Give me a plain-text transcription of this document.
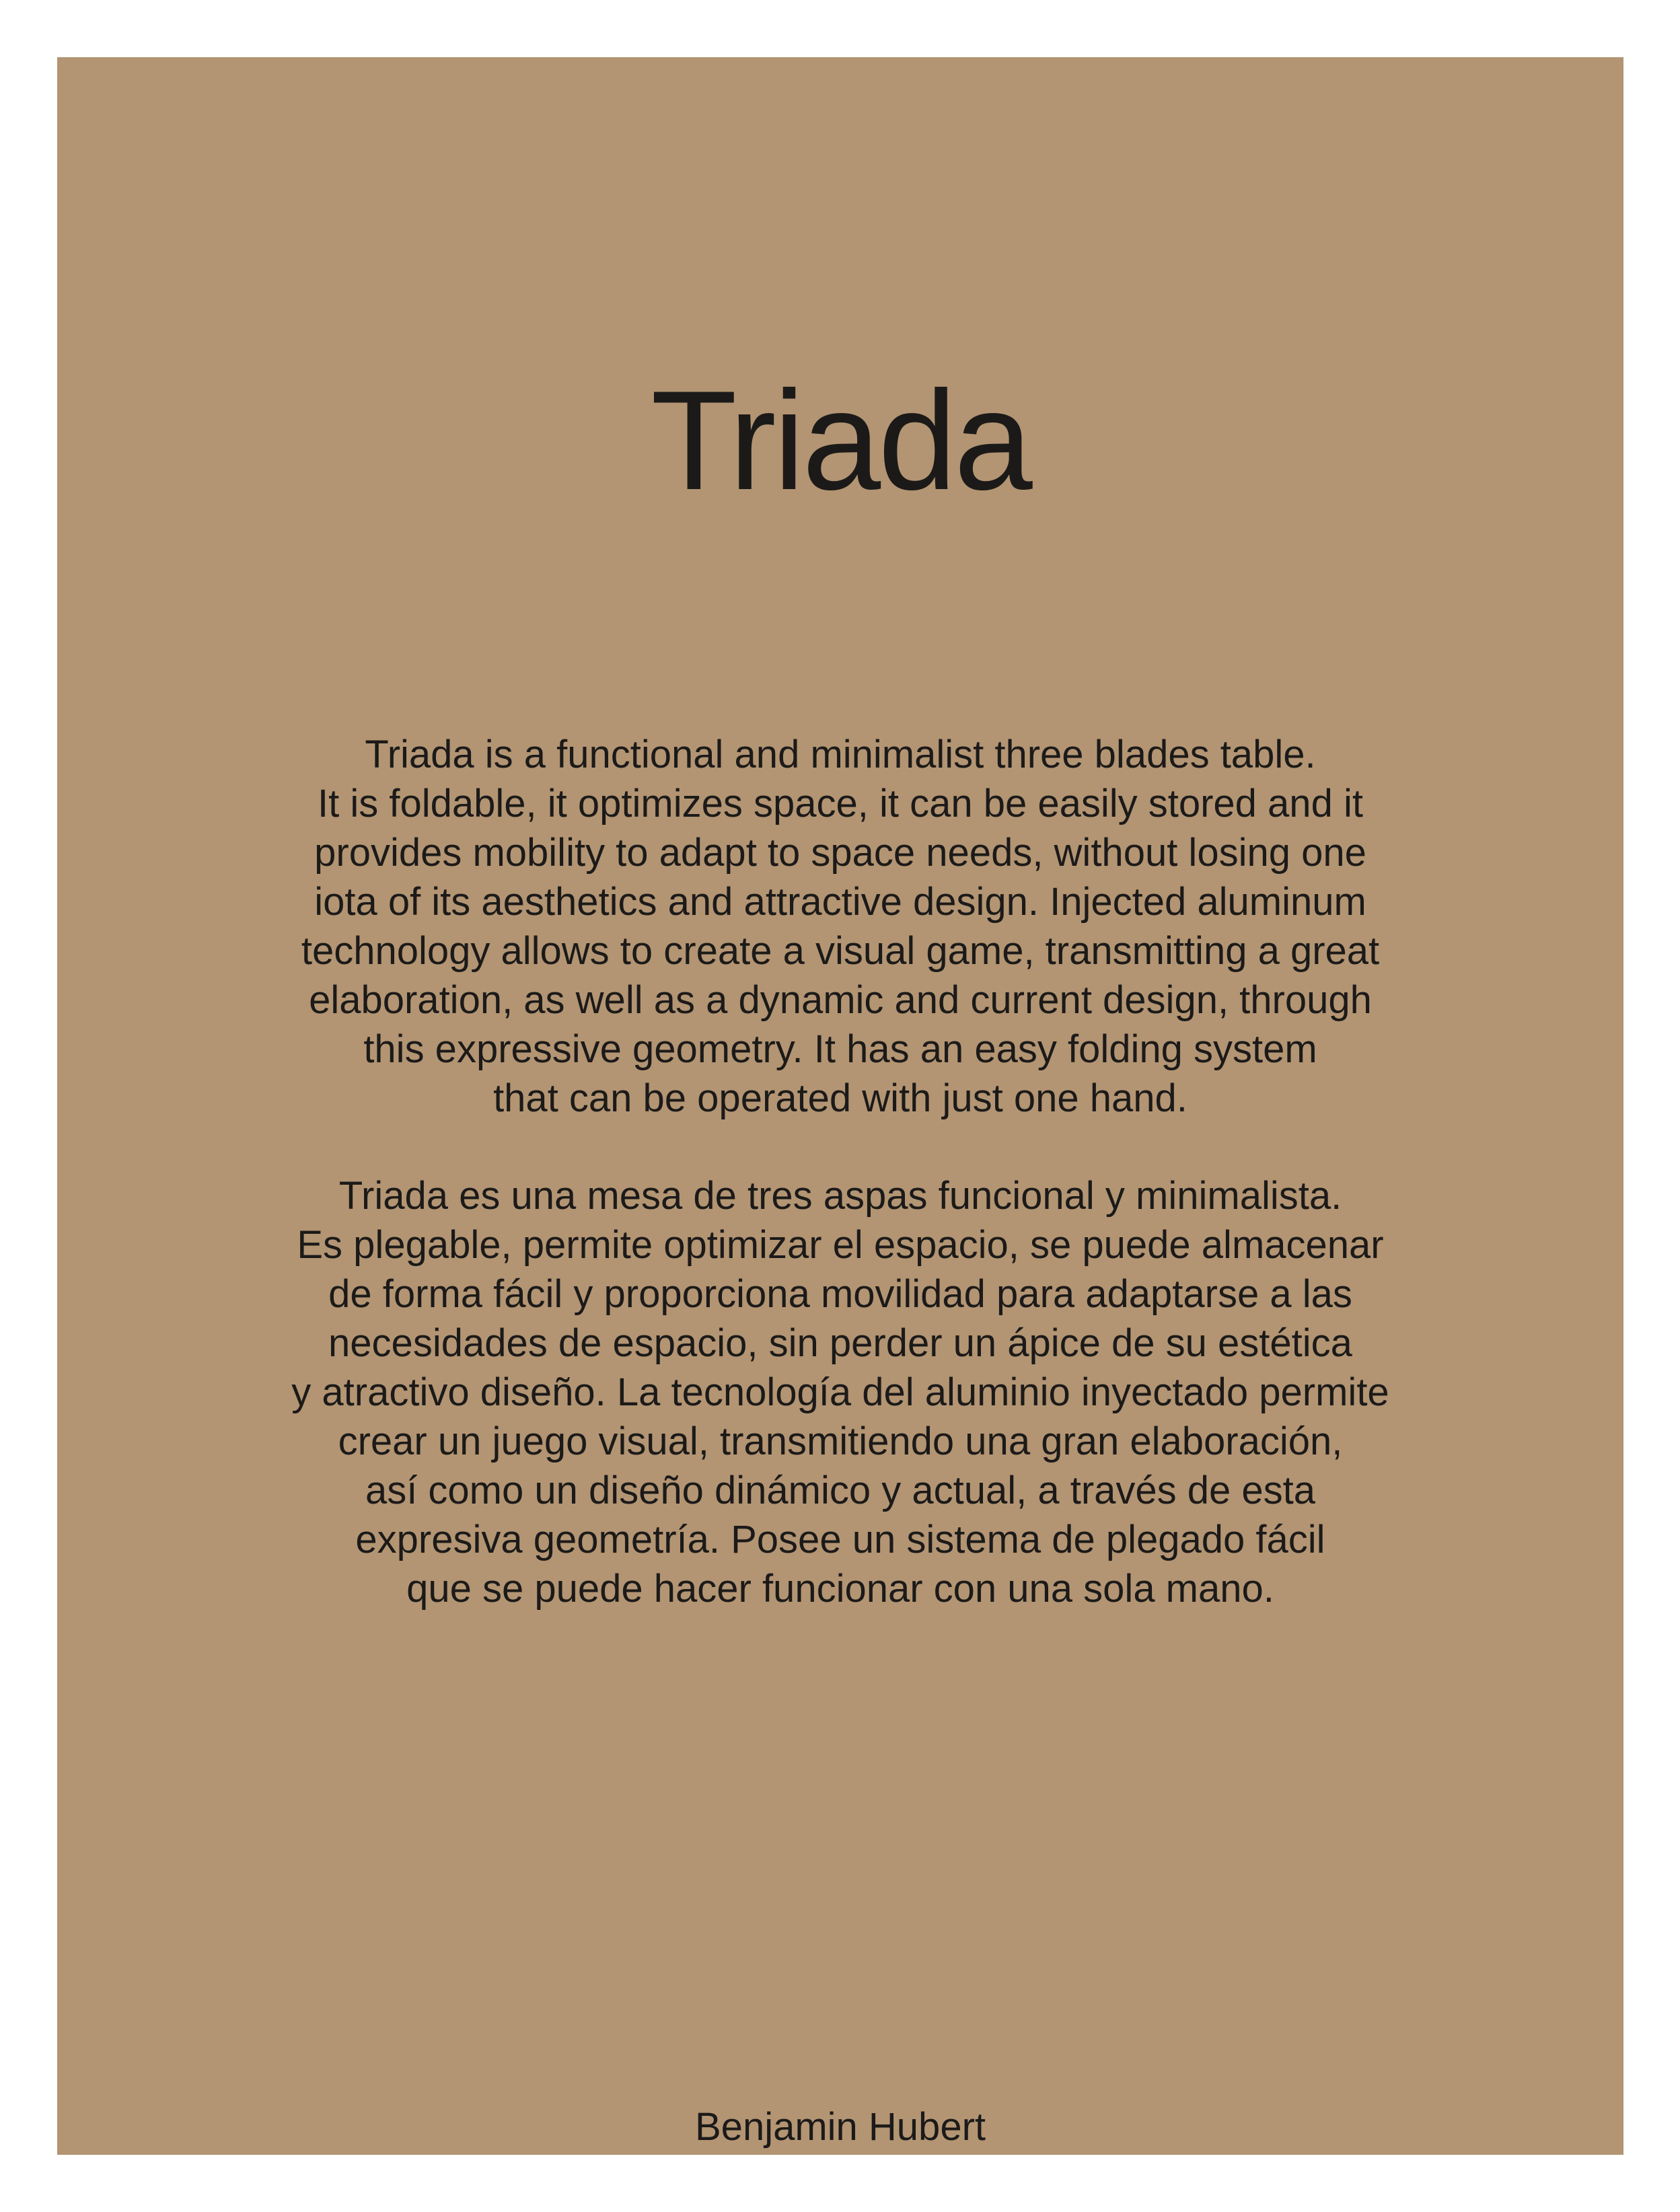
Triada

Triada is a functional and minimalist three blades table.
It is foldable, it optimizes space, it can be easily stored and it
provides mobility to adapt to space needs, without losing one
iota of its aesthetics and attractive design. Injected aluminum
technology allows to create a visual game, transmitting a great
elaboration, as well as a dynamic and current design, through
this expressive geometry. It has an easy folding system
that can be operated with just one hand.

Triada es una mesa de tres aspas funcional y minimalista.
Es plegable, permite optimizar el espacio, se puede almacenar
de forma fácil y proporciona movilidad para adaptarse a las
necesidades de espacio, sin perder un ápice de su estética
y atractivo diseño. La tecnología del aluminio inyectado permite
crear un juego visual, transmitiendo una gran elaboración,
así como un diseño dinámico y actual, a través de esta
expresiva geometría. Posee un sistema de plegado fácil
que se puede hacer funcionar con una sola mano.

Benjamin Hubert
